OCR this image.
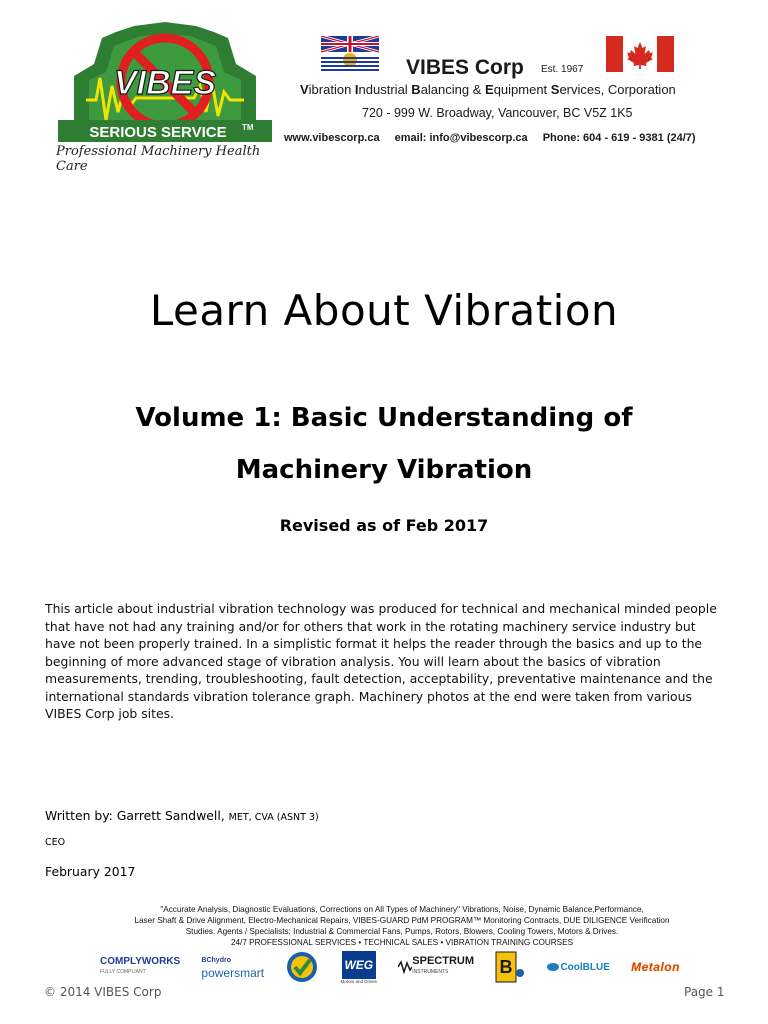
VIBES
SERIOUS SERVICE TM
Professional Machinery Health Care
VIBES Corp Est. 1967
Vibration Industrial Balancing & Equipment Services, Corporation
720 - 999 W. Broadway, Vancouver, BC V5Z 1K5
www.vibescorp.ca email: info@vibescorp.ca Phone: 604 - 619 - 9381 (24/7)
Learn About Vibration
Volume 1: Basic Understanding of
Machinery Vibration
Revised as of Feb 2017
This article about industrial vibration technology was produced for technical and mechanical minded people that have not had any training and/or for others that work in the rotating machinery service industry but have not been properly trained. In a simplistic format it helps the reader through the basics and up to the beginning of more advanced stage of vibration analysis. You will learn about the basics of vibration measurements, trending, troubleshooting, fault detection, acceptability, preventative maintenance and the international standards vibration tolerance graph. Machinery photos at the end were taken from various VIBES Corp job sites.
Written by: Garrett Sandwell, MET, CVA (ASNT 3)
CEO
February 2017
"Accurate Analysis, Diagnostic Evaluations, Corrections on All Types of Machinery" Vibrations, Noise, Dynamic Balance,Performance,
Laser Shaft & Drive Alignment, Electro-Mechanical Repairs, VIBES-GUARD PdM PROGRAM™ Monitoring Contracts, DUE DILIGENCE Verification
Studies. Agents / Specialists: Industrial & Commercial Fans, Pumps, Rotors, Blowers, Cooling Towers, Motors & Drives.
24/7 PROFESSIONAL SERVICES • TECHNICAL SALES • VIBRATION TRAINING COURSES
COMPLYWORKS
FULLY COMPLIANT
BChydro
powersmart
WEG
Motors and Drives
SPECTRUM
INSTRUMENTS	B	CoolBLUE Metalon
© 2014 VIBES Corp	Page 1
